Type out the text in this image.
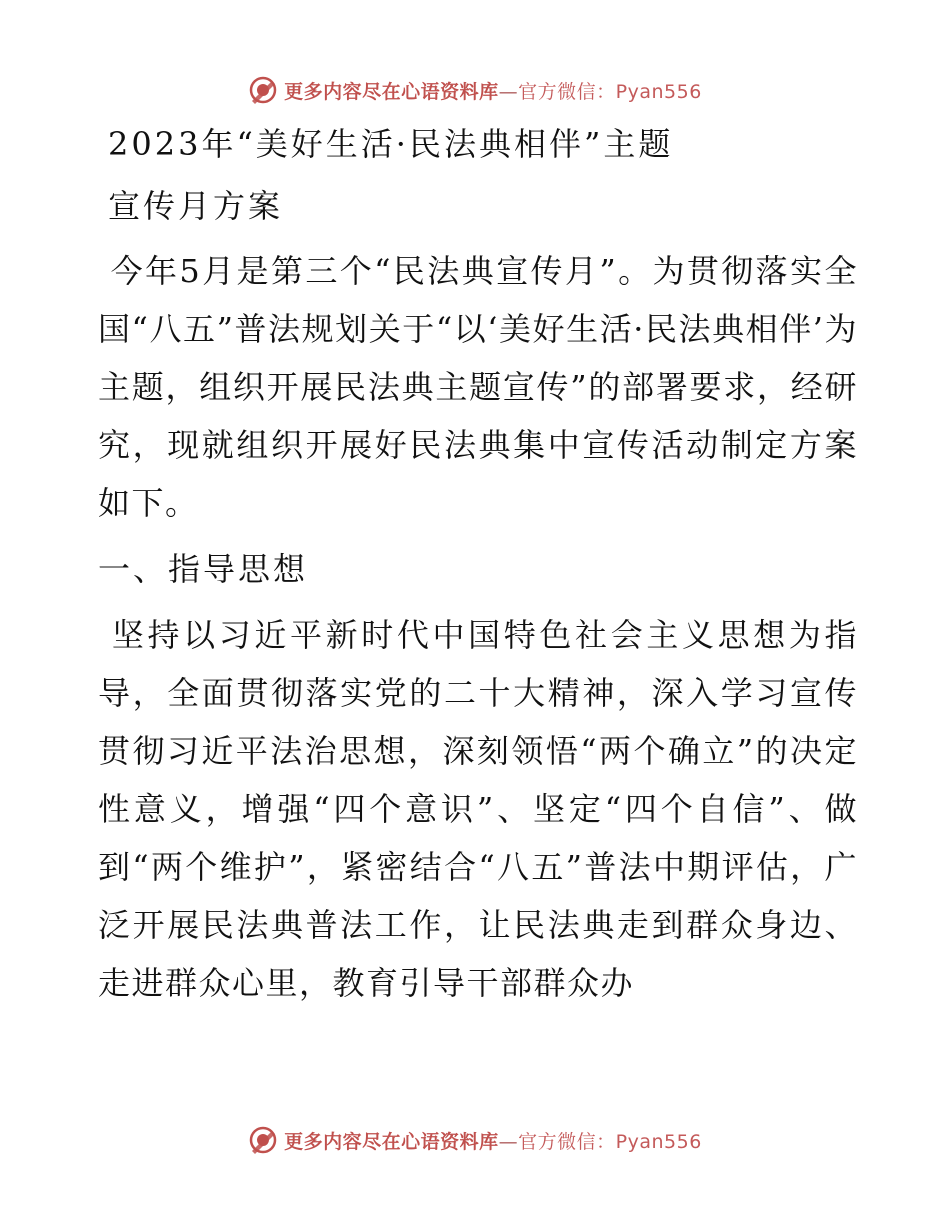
更多内容尽在心语资料库—官方微信：Pyan556
2023年“美好生活·民法典相伴”主题
宣传月方案

今年5月是第三个“民法典宣传月”。为贯彻落实全国“八五”普法规划关于“以‘美好生活·民法典相伴’为主题，组织开展民法典主题宣传”的部署要求，经研究，现就组织开展好民法典集中宣传活动制定方案如下。

一、指导思想

坚持以习近平新时代中国特色社会主义思想为指导，全面贯彻落实党的二十大精神，深入学习宣传贯彻习近平法治思想，深刻领悟“两个确立”的决定性意义，增强“四个意识”、坚定“四个自信”、做到“两个维护”，紧密结合“八五”普法中期评估，广泛开展民法典普法工作，让民法典走到群众身边、走进群众心里，教育引导干部群众办

更多内容尽在心语资料库—官方微信：Pyan556
